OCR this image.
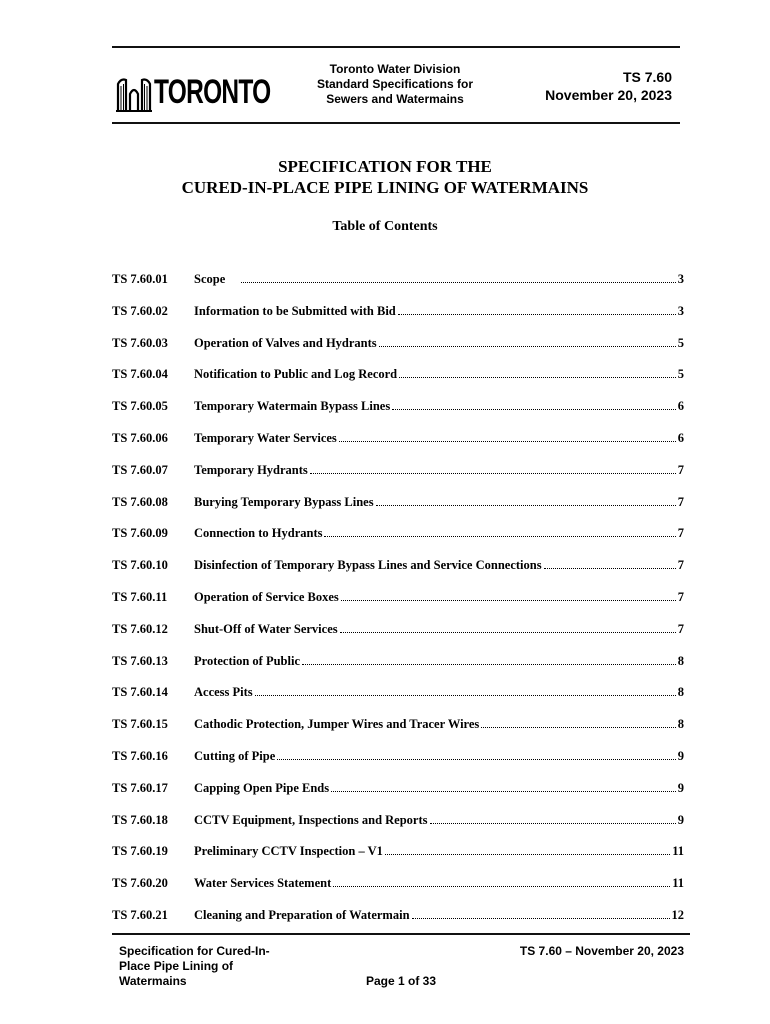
TORONTO
Toronto Water Division
Standard Specifications for
Sewers and Watermains
TS 7.60
November 20, 2023
SPECIFICATION FOR THE
CURED-IN-PLACE PIPE LINING OF WATERMAINS
Table of Contents
TS 7.60.01 Scope	3
TS 7.60.02 Information to be Submitted with Bid	3
TS 7.60.03 Operation of Valves and Hydrants	5
TS 7.60.04 Notification to Public and Log Record	5
TS 7.60.05 Temporary Watermain Bypass Lines	6
TS 7.60.06 Temporary Water Services	6
TS 7.60.07 Temporary Hydrants	7
TS 7.60.08 Burying Temporary Bypass Lines	7
TS 7.60.09 Connection to Hydrants	7
TS 7.60.10 Disinfection of Temporary Bypass Lines and Service Connections	7
TS 7.60.11 Operation of Service Boxes	7
TS 7.60.12 Shut-Off of Water Services	7
TS 7.60.13 Protection of Public	8
TS 7.60.14 Access Pits	8
TS 7.60.15 Cathodic Protection, Jumper Wires and Tracer Wires	8
TS 7.60.16 Cutting of Pipe	9
TS 7.60.17 Capping Open Pipe Ends	9
TS 7.60.18 CCTV Equipment, Inspections and Reports	9
TS 7.60.19 Preliminary CCTV Inspection – V1	11
TS 7.60.20 Water Services Statement	11
TS 7.60.21 Cleaning and Preparation of Watermain	12
Specification for Cured-In-
Place Pipe Lining of
Watermains
TS 7.60 – November 20, 2023
Page 1 of 33
